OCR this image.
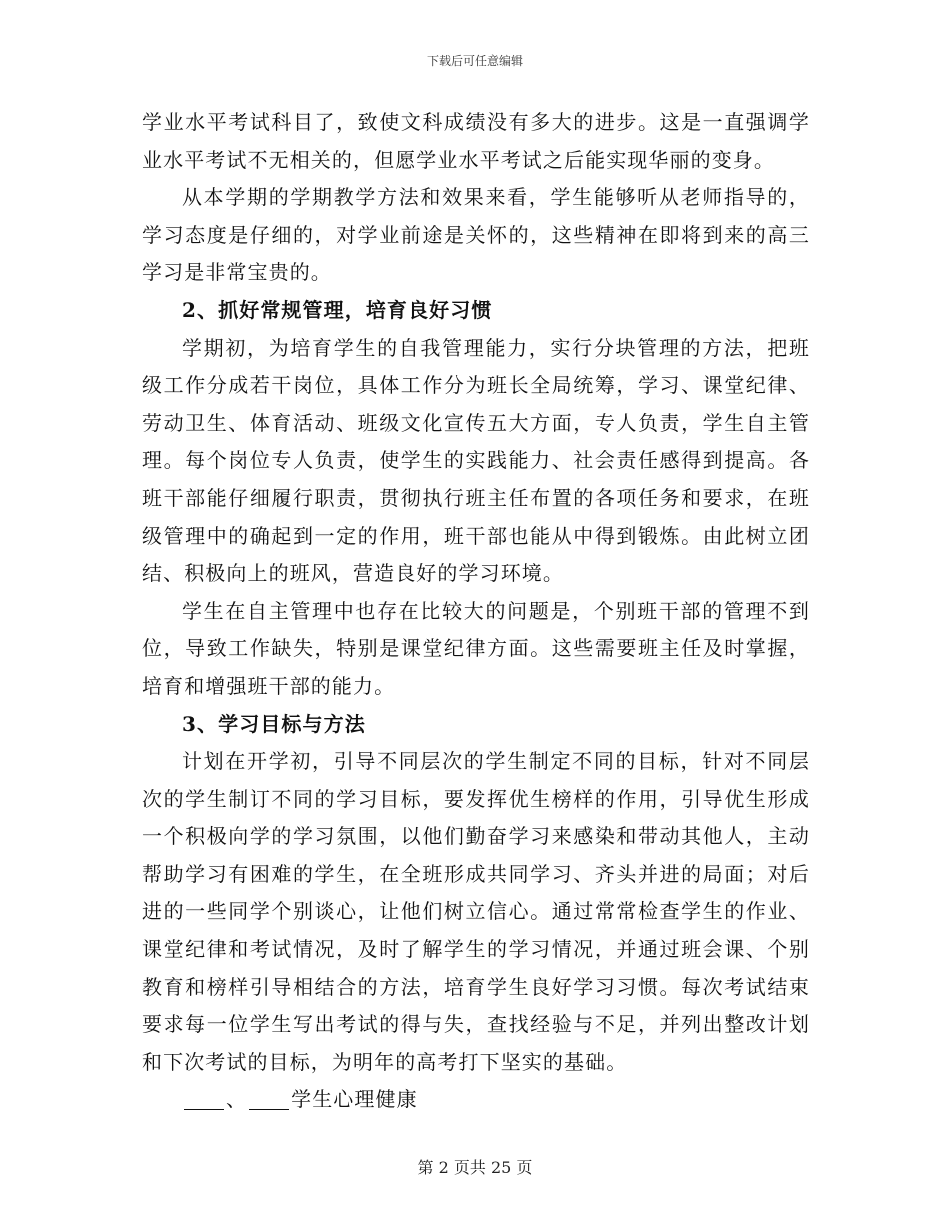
下载后可任意编辑

学业水平考试科目了，致使文科成绩没有多大的进步。这是一直强调学业水平考试不无相关的，但愿学业水平考试之后能实现华丽的变身。

从本学期的学期教学方法和效果来看，学生能够听从老师指导的，学习态度是仔细的，对学业前途是关怀的，这些精神在即将到来的高三学习是非常宝贵的。

2、抓好常规管理，培育良好习惯

学期初，为培育学生的自我管理能力，实行分块管理的方法，把班级工作分成若干岗位，具体工作分为班长全局统筹，学习、课堂纪律、劳动卫生、体育活动、班级文化宣传五大方面，专人负责，学生自主管理。每个岗位专人负责，使学生的实践能力、社会责任感得到提高。各班干部能仔细履行职责，贯彻执行班主任布置的各项任务和要求，在班级管理中的确起到一定的作用，班干部也能从中得到锻炼。由此树立团结、积极向上的班风，营造良好的学习环境。

学生在自主管理中也存在比较大的问题是，个别班干部的管理不到位，导致工作缺失，特别是课堂纪律方面。这些需要班主任及时掌握，培育和增强班干部的能力。

3、学习目标与方法

计划在开学初，引导不同层次的学生制定不同的目标，针对不同层次的学生制订不同的学习目标，要发挥优生榜样的作用，引导优生形成一个积极向学的学习氛围，以他们勤奋学习来感染和带动其他人，主动帮助学习有困难的学生，在全班形成共同学习、齐头并进的局面；对后进的一些同学个别谈心，让他们树立信心。通过常常检查学生的作业、课堂纪律和考试情况，及时了解学生的学习情况，并通过班会课、个别教育和榜样引导相结合的方法，培育学生良好学习习惯。每次考试结束要求每一位学生写出考试的得与失，查找经验与不足，并列出整改计划和下次考试的目标，为明年的高考打下坚实的基础。

、 学生心理健康

第 2 页共 25 页
